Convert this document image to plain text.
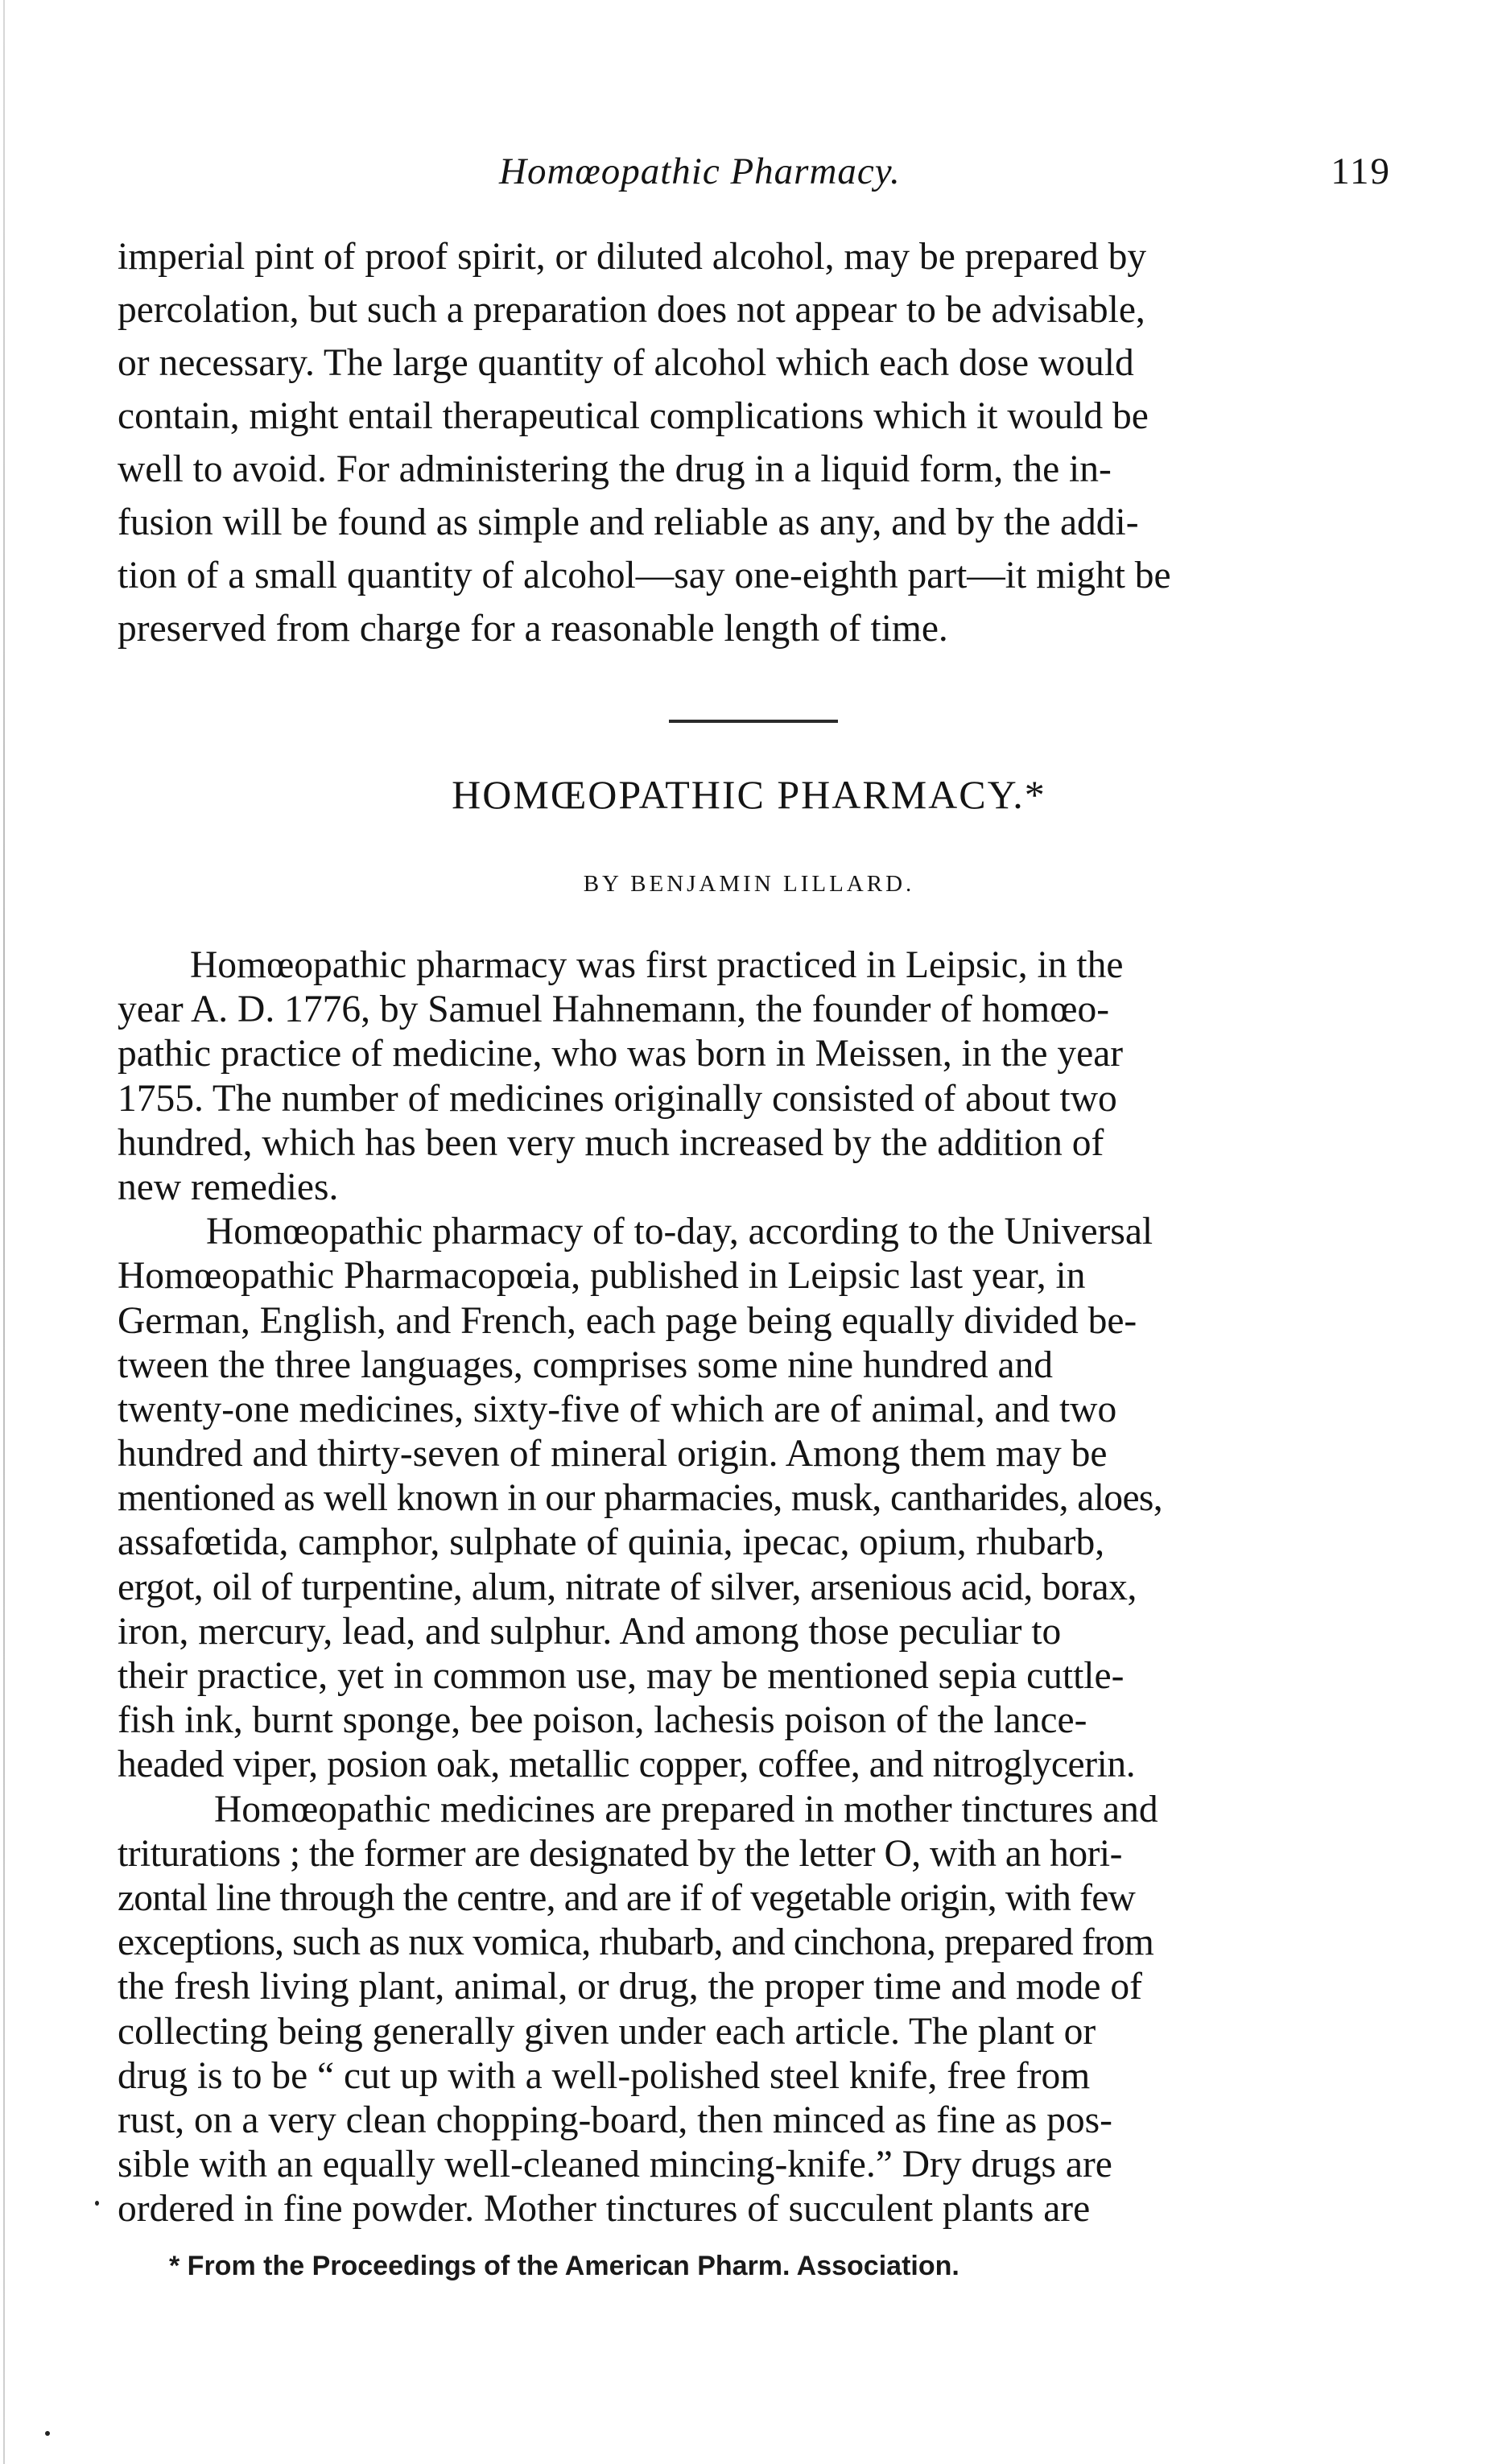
Homœopathic Pharmacy.	119
imperial pint of proof spirit, or diluted alcohol, may be prepared by
percolation, but such a preparation does not appear to be advisable,
or necessary. The large quantity of alcohol which each dose would
contain, might entail therapeutical complications which it would be
well to avoid. For administering the drug in a liquid form, the in-
fusion will be found as simple and reliable as any, and by the addi-
tion of a small quantity of alcohol—say one-eighth part—it might be
preserved from charge for a reasonable length of time.
HOMŒOPATHIC PHARMACY.*
BY BENJAMIN LILLARD.
Homœopathic pharmacy was first practiced in Leipsic, in the
year A. D. 1776, by Samuel Hahnemann, the founder of homœo-
pathic practice of medicine, who was born in Meissen, in the year
1755. The number of medicines originally consisted of about two
hundred, which has been very much increased by the addition of
new remedies.
Homœopathic pharmacy of to-day, according to the Universal
Homœopathic Pharmacopœia, published in Leipsic last year, in
German, English, and French, each page being equally divided be-
tween the three languages, comprises some nine hundred and
twenty-one medicines, sixty-five of which are of animal, and two
hundred and thirty-seven of mineral origin. Among them may be
mentioned as well known in our pharmacies, musk, cantharides, aloes,
assafœtida, camphor, sulphate of quinia, ipecac, opium, rhubarb,
ergot, oil of turpentine, alum, nitrate of silver, arsenious acid, borax,
iron, mercury, lead, and sulphur. And among those peculiar to
their practice, yet in common use, may be mentioned sepia cuttle-
fish ink, burnt sponge, bee poison, lachesis poison of the lance-
headed viper, posion oak, metallic copper, coffee, and nitroglycerin.
Homœopathic medicines are prepared in mother tinctures and
triturations ; the former are designated by the letter O, with an hori-
zontal line through the centre, and are if of vegetable origin, with few
exceptions, such as nux vomica, rhubarb, and cinchona, prepared from
the fresh living plant, animal, or drug, the proper time and mode of
collecting being generally given under each article. The plant or
drug is to be “ cut up with a well-polished steel knife, free from
rust, on a very clean chopping-board, then minced as fine as pos-
sible with an equally well-cleaned mincing-knife.” Dry drugs are
ordered in fine powder. Mother tinctures of succulent plants are
* From the Proceedings of the American Pharm. Association.
